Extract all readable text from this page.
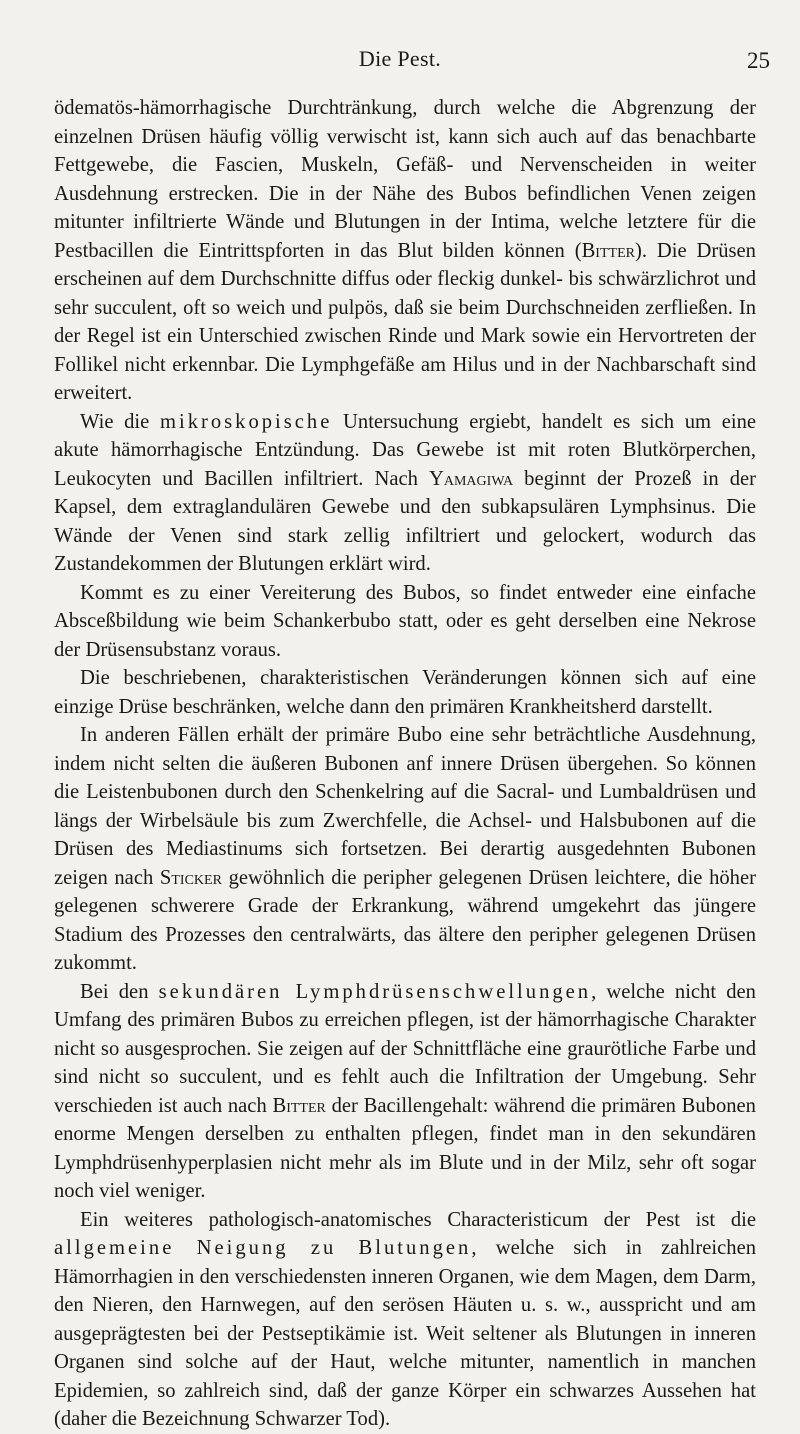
Die Pest.	25

ödematös-hämorrhagische Durchtränkung, durch welche die Abgrenzung der einzelnen Drüsen häufig völlig verwischt ist, kann sich auch auf das benachbarte Fettgewebe, die Fascien, Muskeln, Gefäß- und Nervenscheiden in weiter Ausdehnung erstrecken. Die in der Nähe des Bubos befindlichen Venen zeigen mitunter infiltrierte Wände und Blutungen in der Intima, welche letztere für die Pestbacillen die Eintrittspforten in das Blut bilden können (Bitter). Die Drüsen erscheinen auf dem Durchschnitte diffus oder fleckig dunkel- bis schwärzlichrot und sehr succulent, oft so weich und pulpös, daß sie beim Durchschneiden zerfließen. In der Regel ist ein Unterschied zwischen Rinde und Mark sowie ein Hervortreten der Follikel nicht erkennbar. Die Lymphgefäße am Hilus und in der Nachbarschaft sind erweitert.

Wie die mikroskopische Untersuchung ergiebt, handelt es sich um eine akute hämorrhagische Entzündung. Das Gewebe ist mit roten Blutkörperchen, Leukocyten und Bacillen infiltriert. Nach Yamagiwa beginnt der Prozeß in der Kapsel, dem extraglandulären Gewebe und den subkapsulären Lymphsinus. Die Wände der Venen sind stark zellig infiltriert und gelockert, wodurch das Zustandekommen der Blutungen erklärt wird.

Kommt es zu einer Vereiterung des Bubos, so findet entweder eine einfache Absceßbildung wie beim Schankerbubo statt, oder es geht derselben eine Nekrose der Drüsensubstanz voraus.

Die beschriebenen, charakteristischen Veränderungen können sich auf eine einzige Drüse beschränken, welche dann den primären Krankheitsherd darstellt.

In anderen Fällen erhält der primäre Bubo eine sehr beträchtliche Ausdehnung, indem nicht selten die äußeren Bubonen anf innere Drüsen übergehen. So können die Leistenbubonen durch den Schenkelring auf die Sacral- und Lumbaldrüsen und längs der Wirbelsäule bis zum Zwerchfelle, die Achsel- und Halsbubonen auf die Drüsen des Mediastinums sich fortsetzen. Bei derartig ausgedehnten Bubonen zeigen nach Sticker gewöhnlich die peripher gelegenen Drüsen leichtere, die höher gelegenen schwerere Grade der Erkrankung, während umgekehrt das jüngere Stadium des Prozesses den centralwärts, das ältere den peripher gelegenen Drüsen zukommt.

Bei den sekundären Lymphdrüsenschwellungen, welche nicht den Umfang des primären Bubos zu erreichen pflegen, ist der hämorrhagische Charakter nicht so ausgesprochen. Sie zeigen auf der Schnittfläche eine graurötliche Farbe und sind nicht so succulent, und es fehlt auch die Infiltration der Umgebung. Sehr verschieden ist auch nach Bitter der Bacillengehalt: während die primären Bubonen enorme Mengen derselben zu enthalten pflegen, findet man in den sekundären Lymphdrüsenhyperplasien nicht mehr als im Blute und in der Milz, sehr oft sogar noch viel weniger.

Ein weiteres pathologisch-anatomisches Characteristicum der Pest ist die allgemeine Neigung zu Blutungen, welche sich in zahlreichen Hämorrhagien in den verschiedensten inneren Organen, wie dem Magen, dem Darm, den Nieren, den Harnwegen, auf den serösen Häuten u. s. w., ausspricht und am ausgeprägtesten bei der Pestseptikämie ist. Weit seltener als Blutungen in inneren Organen sind solche auf der Haut, welche mitunter, namentlich in manchen Epidemien, so zahlreich sind, daß der ganze Körper ein schwarzes Aussehen hat (daher die Bezeichnung Schwarzer Tod).
